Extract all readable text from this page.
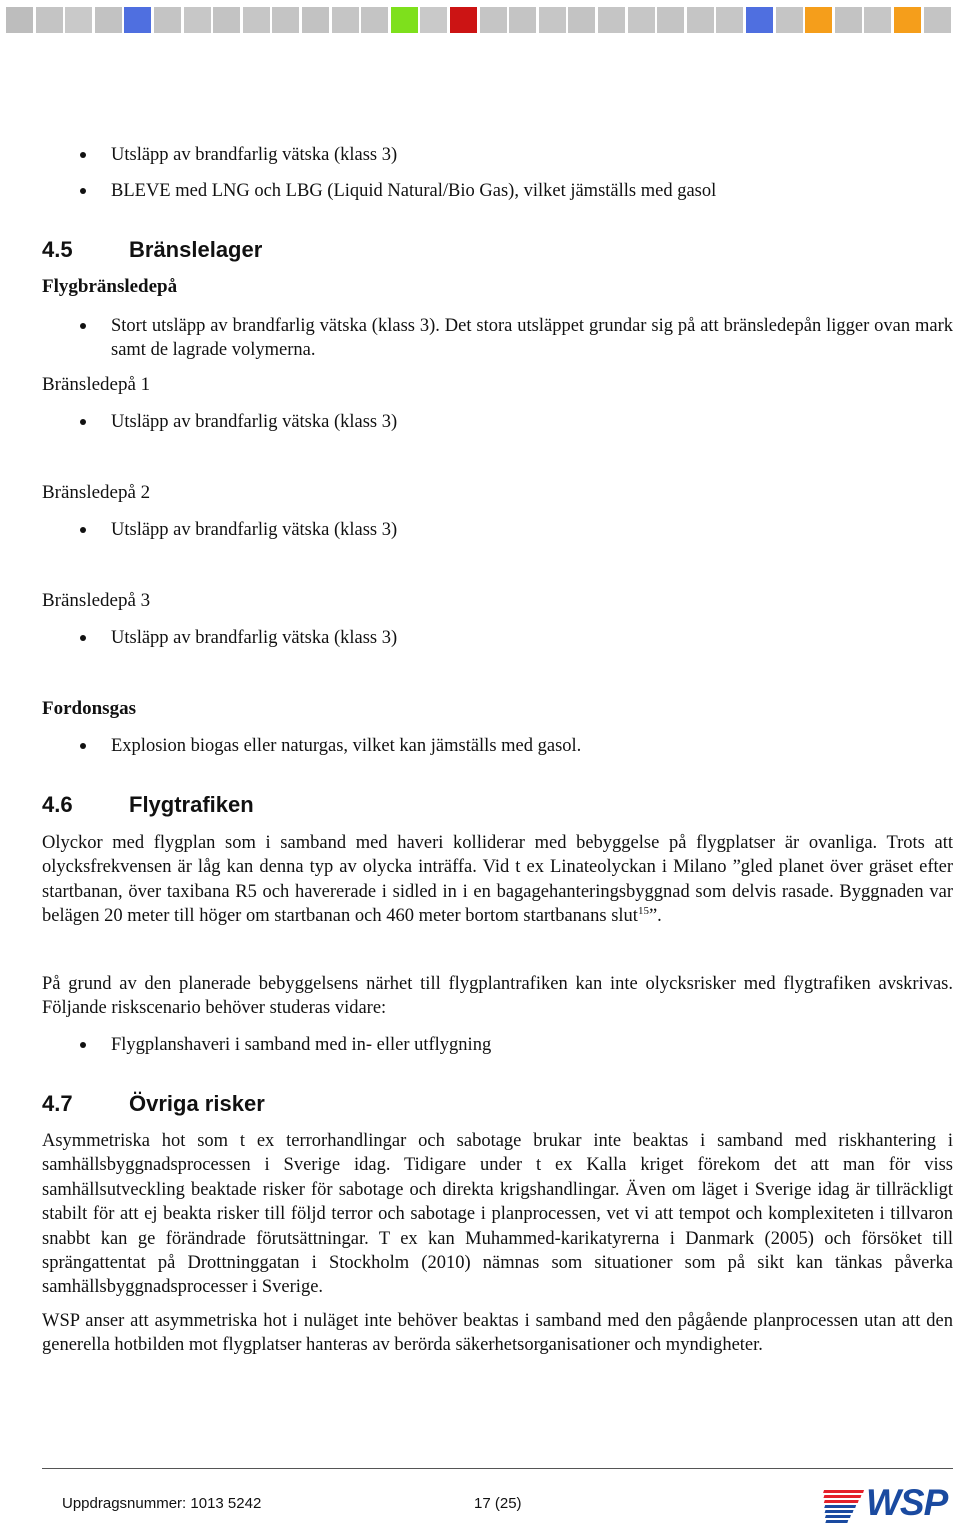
Utsläpp av brandfarlig vätska (klass 3)
BLEVE med LNG och LBG (Liquid Natural/Bio Gas), vilket jämställs med gasol
4.5	Bränslelager
Flygbränsledepå
Stort utsläpp av brandfarlig vätska (klass 3). Det stora utsläppet grundar sig på att bränsledepån ligger ovan mark samt de lagrade volymerna.
Bränsledepå 1
Utsläpp av brandfarlig vätska (klass 3)
Bränsledepå 2
Utsläpp av brandfarlig vätska (klass 3)
Bränsledepå 3
Utsläpp av brandfarlig vätska (klass 3)
Fordonsgas
Explosion biogas eller naturgas, vilket kan jämställs med gasol.
4.6	Flygtrafiken
Olyckor med flygplan som i samband med haveri kolliderar med bebyggelse på flygplatser är ovanliga. Trots att olycksfrekvensen är låg kan denna typ av olycka inträffa. Vid t ex Linateolyckan i Milano ”gled planet över gräset efter startbanan, över taxibana R5 och havererade i sidled in i en bagagehanteringsbyggnad som delvis rasade. Byggnaden var belägen 20 meter till höger om startbanan och 460 meter bortom startbanans slut$^{15}$”.
På grund av den planerade bebyggelsens närhet till flygplantrafiken kan inte olycksrisker med flygtrafiken avskrivas. Följande riskscenario behöver studeras vidare:
Flygplanshaveri i samband med in- eller utflygning
4.7	Övriga risker
Asymmetriska hot som t ex terrorhandlingar och sabotage brukar inte beaktas i samband med riskhantering i samhällsbyggnadsprocessen i Sverige idag. Tidigare under t ex Kalla kriget förekom det att man för viss samhällsutveckling beaktade risker för sabotage och direkta krigshandlingar. Även om läget i Sverige idag är tillräckligt stabilt för att ej beakta risker till följd terror och sabotage i planprocessen, vet vi att tempot och komplexiteten i tillvaron snabbt kan ge förändrade förutsättningar. T ex kan Muhammed-karikatyrerna i Danmark (2005) och försöket till sprängattentat på Drottninggatan i Stockholm (2010) nämnas som situationer som på sikt kan tänkas påverka samhällsbyggnadsprocesser i Sverige.
WSP anser att asymmetriska hot i nuläget inte behöver beaktas i samband med den pågående planprocessen utan att den generella hotbilden mot flygplatser hanteras av berörda säkerhetsorganisationer och myndigheter.
Uppdragsnummer: 1013 5242	17 (25)	WSP
